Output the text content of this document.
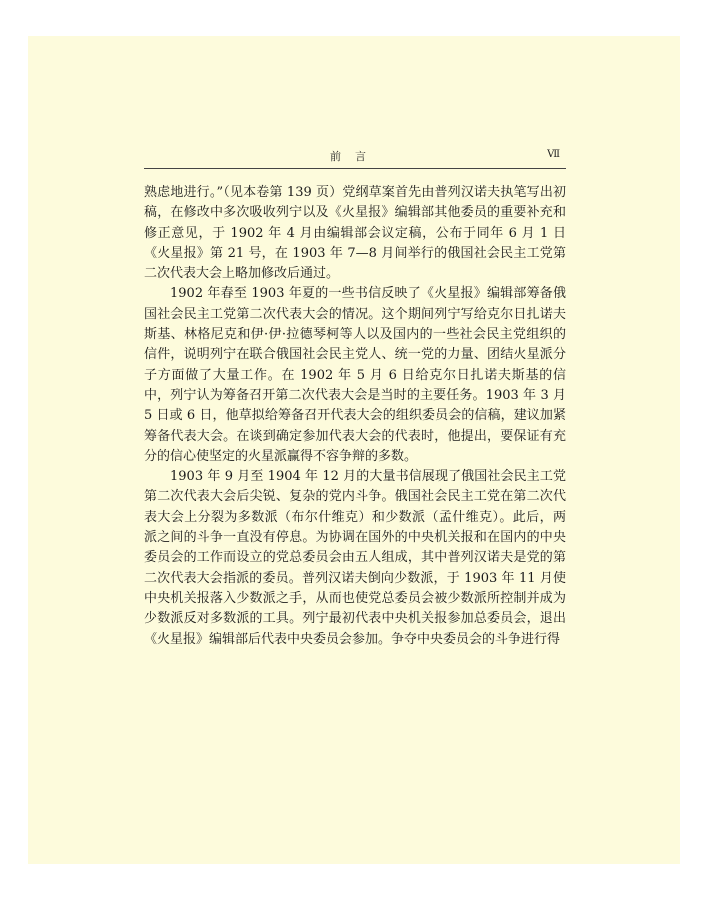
前言	Ⅶ

熟虑地进行。”（见本卷第 139 页）党纲草案首先由普列汉诺夫执笔写出初稿，在修改中多次吸收列宁以及《火星报》编辑部其他委员的重要补充和修正意见，于 1902 年 4 月由编辑部会议定稿，公布于同年 6 月 1 日《火星报》第 21 号，在 1903 年 7—8 月间举行的俄国社会民主工党第二次代表大会上略加修改后通过。

1902 年春至 1903 年夏的一些书信反映了《火星报》编辑部筹备俄国社会民主工党第二次代表大会的情况。这个期间列宁写给克尔日扎诺夫斯基、林格尼克和伊·伊·拉德琴柯等人以及国内的一些社会民主党组织的信件，说明列宁在联合俄国社会民主党人、统一党的力量、团结火星派分子方面做了大量工作。在 1902 年 5 月 6 日给克尔日扎诺夫斯基的信中，列宁认为筹备召开第二次代表大会是当时的主要任务。1903 年 3 月 5 日或 6 日，他草拟给筹备召开代表大会的组织委员会的信稿，建议加紧筹备代表大会。在谈到确定参加代表大会的代表时，他提出，要保证有充分的信心使坚定的火星派赢得不容争辩的多数。

1903 年 9 月至 1904 年 12 月的大量书信展现了俄国社会民主工党第二次代表大会后尖锐、复杂的党内斗争。俄国社会民主工党在第二次代表大会上分裂为多数派（布尔什维克）和少数派（孟什维克）。此后，两派之间的斗争一直没有停息。为协调在国外的中央机关报和在国内的中央委员会的工作而设立的党总委员会由五人组成，其中普列汉诺夫是党的第二次代表大会指派的委员。普列汉诺夫倒向少数派，于 1903 年 11 月使中央机关报落入少数派之手，从而也使党总委员会被少数派所控制并成为少数派反对多数派的工具。列宁最初代表中央机关报参加总委员会，退出《火星报》编辑部后代表中央委员会参加。争夺中央委员会的斗争进行得
